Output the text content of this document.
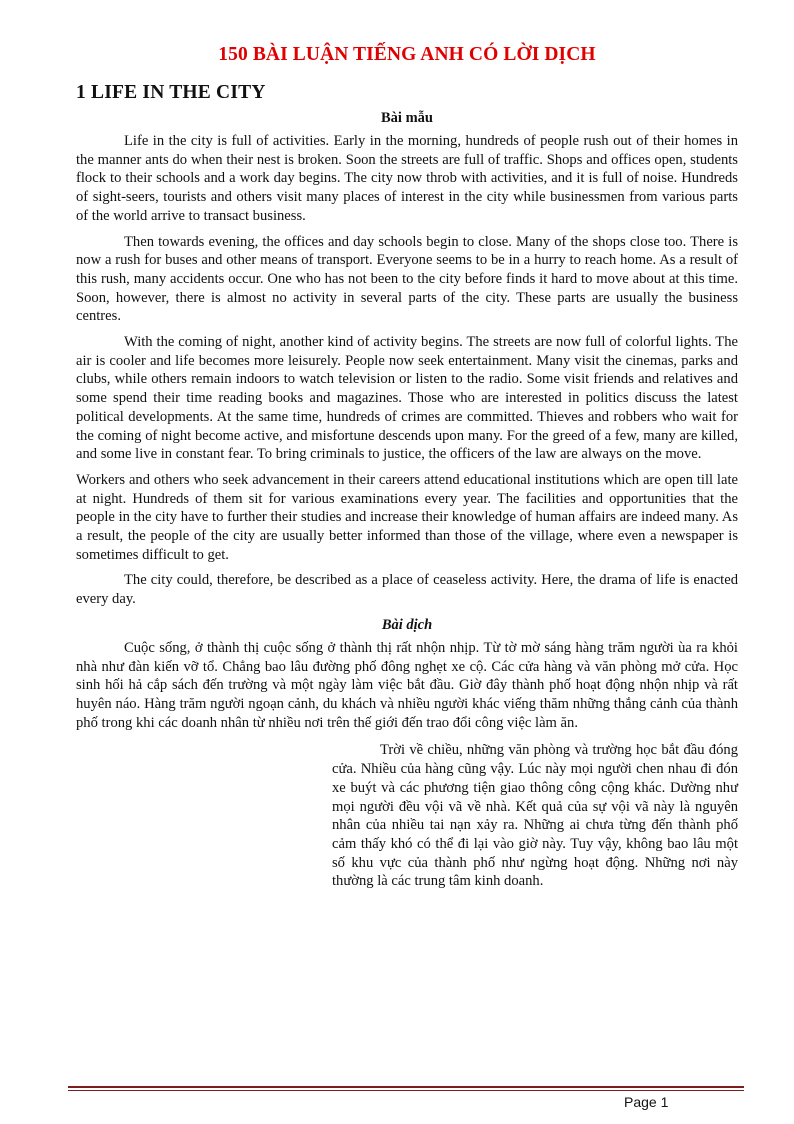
150 BÀI LUẬN TIẾNG ANH CÓ LỜI DỊCH
1 LIFE IN THE CITY
Bài mẫu

Life in the city is full of activities. Early in the morning, hundreds of people rush out of their homes in the manner ants do when their nest is broken. Soon the streets are full of traffic. Shops and offices open, students flock to their schools and a work day begins. The city now throb with activities, and it is full of noise. Hundreds of sight-seers, tourists and others visit many places of interest in the city while businessmen from various parts of the world arrive to transact business.

Then towards evening, the offices and day schools begin to close. Many of the shops close too. There is now a rush for buses and other means of transport. Everyone seems to be in a hurry to reach home. As a result of this rush, many accidents occur. One who has not been to the city before finds it hard to move about at this time. Soon, however, there is almost no activity in several parts of the city. These parts are usually the business centres.

With the coming of night, another kind of activity begins. The streets are now full of colorful lights. The air is cooler and life becomes more leisurely. People now seek entertainment. Many visit the cinemas, parks and clubs, while others remain indoors to watch television or listen to the radio. Some visit friends and relatives and some spend their time reading books and magazines. Those who are interested in politics discuss the latest political developments. At the same time, hundreds of crimes are committed. Thieves and robbers who wait for the coming of night become active, and misfortune descends upon many. For the greed of a few, many are killed, and some live in constant fear. To bring criminals to justice, the officers of the law are always on the move.

Workers and others who seek advancement in their careers attend educational institutions which are open till late at night. Hundreds of them sit for various examinations every year. The facilities and opportunities that the people in the city have to further their studies and increase their knowledge of human affairs are indeed many. As a result, the people of the city are usually better informed than those of the village, where even a newspaper is sometimes difficult to get.

The city could, therefore, be described as a place of ceaseless activity. Here, the drama of life is enacted every day.

Bài dịch

Cuộc sống, ở thành thị cuộc sống ở thành thị rất nhộn nhịp. Từ tờ mờ sáng hàng trăm người ùa ra khỏi nhà như đàn kiến vỡ tổ. Chẳng bao lâu đường phố đông nghẹt xe cộ. Các cửa hàng và văn phòng mở cửa. Học sinh hối hả cắp sách đến trường và một ngày làm việc bắt đầu. Giờ đây thành phố hoạt động nhộn nhịp và rất huyên náo. Hàng trăm người ngoạn cảnh, du khách và nhiều người khác viếng thăm những thắng cảnh của thành phố trong khi các doanh nhân từ nhiều nơi trên thế giới đến trao đổi công việc làm ăn.

Trời về chiều, những văn phòng và trường học bắt đầu đóng cửa. Nhiều của hàng cũng vậy. Lúc này mọi người chen nhau đi đón xe buýt và các phương tiện giao thông công cộng khác. Dường như mọi người đều vội vã về nhà. Kết quả của sự vội vã này là nguyên nhân của nhiều tai nạn xảy ra. Những ai chưa từng đến thành phố cảm thấy khó có thể đi lại vào giờ này. Tuy vậy, không bao lâu một số khu vực của thành phố như ngừng hoạt động. Những nơi này thường là các trung tâm kinh doanh.

Page 1
